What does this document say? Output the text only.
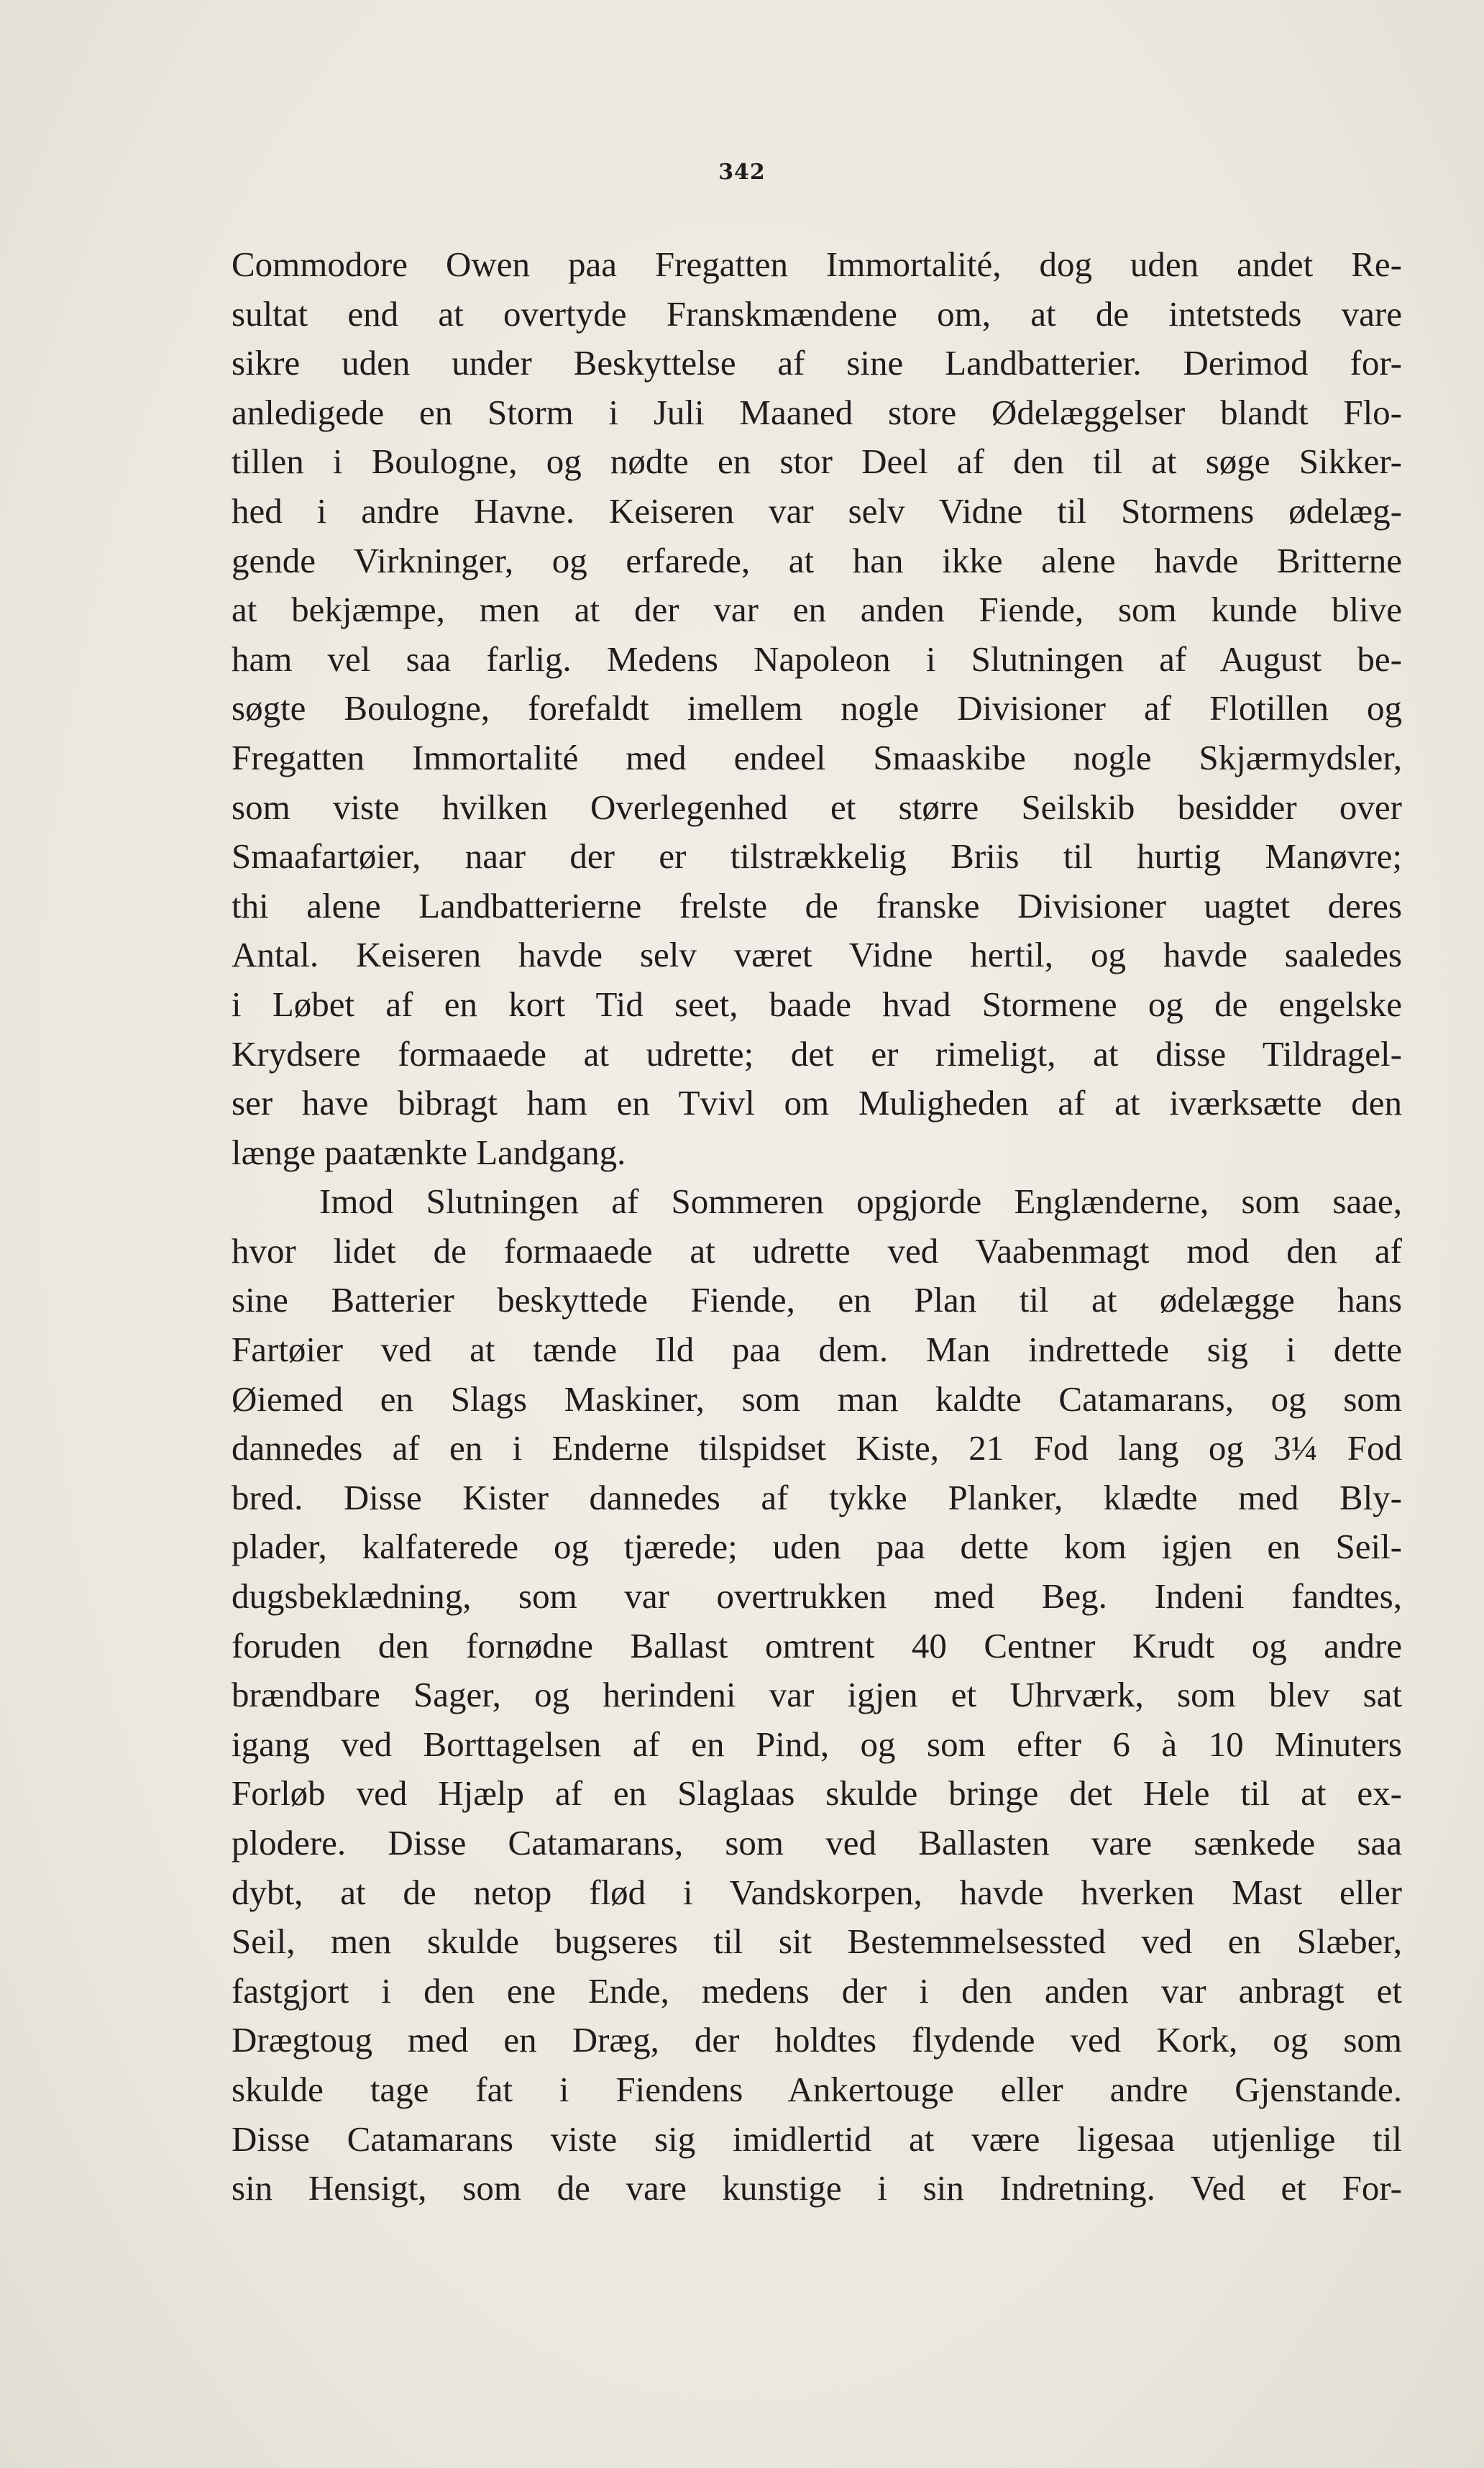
342
Commodore Owen paa Fregatten Immortalité, dog uden andet Re-
sultat end at overtyde Franskmændene om, at de intetsteds vare
sikre uden under Beskyttelse af sine Landbatterier. Derimod for-
anledigede en Storm i Juli Maaned store Ødelæggelser blandt Flo-
tillen i Boulogne, og nødte en stor Deel af den til at søge Sikker-
hed i andre Havne. Keiseren var selv Vidne til Stormens ødelæg-
gende Virkninger, og erfarede, at han ikke alene havde Britterne
at bekjæmpe, men at der var en anden Fiende, som kunde blive
ham vel saa farlig. Medens Napoleon i Slutningen af August be-
søgte Boulogne, forefaldt imellem nogle Divisioner af Flotillen og
Fregatten Immortalité med endeel Smaaskibe nogle Skjærmydsler,
som viste hvilken Overlegenhed et større Seilskib besidder over
Smaafartøier, naar der er tilstrækkelig Briis til hurtig Manøvre;
thi alene Landbatterierne frelste de franske Divisioner uagtet deres
Antal. Keiseren havde selv været Vidne hertil, og havde saaledes
i Løbet af en kort Tid seet, baade hvad Stormene og de engelske
Krydsere formaaede at udrette; det er rimeligt, at disse Tildragel-
ser have bibragt ham en Tvivl om Muligheden af at iværksætte den
længe paatænkte Landgang.
Imod Slutningen af Sommeren opgjorde Englænderne, som saae,
hvor lidet de formaaede at udrette ved Vaabenmagt mod den af
sine Batterier beskyttede Fiende, en Plan til at ødelægge hans
Fartøier ved at tænde Ild paa dem. Man indrettede sig i dette
Øiemed en Slags Maskiner, som man kaldte Catamarans, og som
dannedes af en i Enderne tilspidset Kiste, 21 Fod lang og 3¼ Fod
bred. Disse Kister dannedes af tykke Planker, klædte med Bly-
plader, kalfaterede og tjærede; uden paa dette kom igjen en Seil-
dugsbeklædning, som var overtrukken med Beg. Indeni fandtes,
foruden den fornødne Ballast omtrent 40 Centner Krudt og andre
brændbare Sager, og herindeni var igjen et Uhrværk, som blev sat
igang ved Borttagelsen af en Pind, og som efter 6 à 10 Minuters
Forløb ved Hjælp af en Slaglaas skulde bringe det Hele til at ex-
plodere. Disse Catamarans, som ved Ballasten vare sænkede saa
dybt, at de netop flød i Vandskorpen, havde hverken Mast eller
Seil, men skulde bugseres til sit Bestemmelsessted ved en Slæber,
fastgjort i den ene Ende, medens der i den anden var anbragt et
Drægtoug med en Dræg, der holdtes flydende ved Kork, og som
skulde tage fat i Fiendens Ankertouge eller andre Gjenstande.
Disse Catamarans viste sig imidlertid at være ligesaa utjenlige til
sin Hensigt, som de vare kunstige i sin Indretning. Ved et For-
